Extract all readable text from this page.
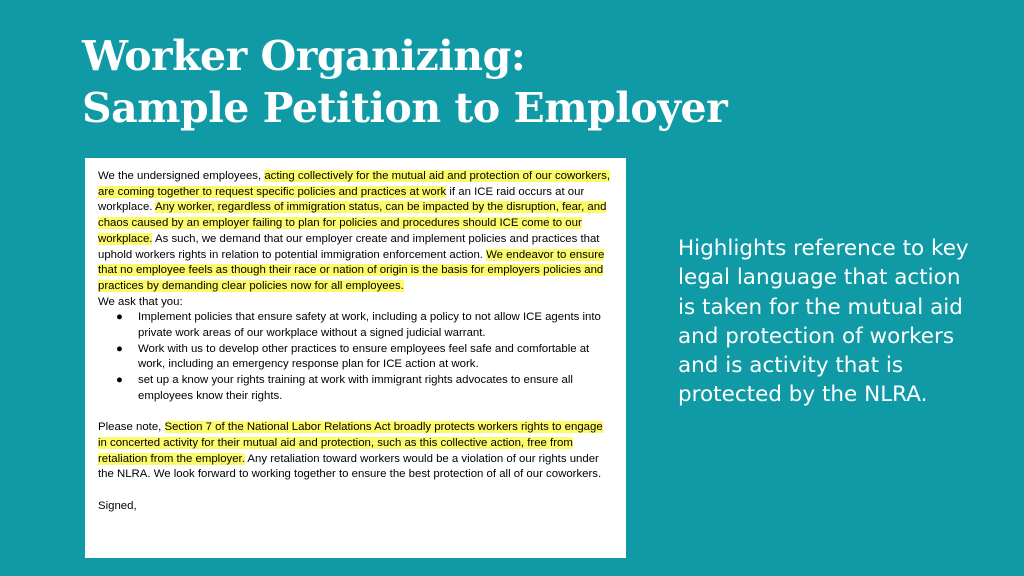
Worker Organizing:
Sample Petition to Employer

We the undersigned employees, acting collectively for the mutual aid and protection of our coworkers, are coming together to request specific policies and practices at work if an ICE raid occurs at our workplace. Any worker, regardless of immigration status, can be impacted by the disruption, fear, and chaos caused by an employer failing to plan for policies and procedures should ICE come to our workplace. As such, we demand that our employer create and implement policies and practices that uphold workers rights in relation to potential immigration enforcement action. We endeavor to ensure that no employee feels as though their race or nation of origin is the basis for employers policies and practices by demanding clear policies now for all employees.

We ask that you:

● Implement policies that ensure safety at work, including a policy to not allow ICE agents into private work areas of our workplace without a signed judicial warrant.
● Work with us to develop other practices to ensure employees feel safe and comfortable at work, including an emergency response plan for ICE action at work.
● set up a know your rights training at work with immigrant rights advocates to ensure all employees know their rights.

Please note, Section 7 of the National Labor Relations Act broadly protects workers rights to engage in concerted activity for their mutual aid and protection, such as this collective action, free from retaliation from the employer. Any retaliation toward workers would be a violation of our rights under the NLRA. We look forward to working together to ensure the best protection of all of our coworkers.

Signed,

Highlights reference to key legal language that action is taken for the mutual aid and protection of workers and is activity that is protected by the NLRA.
